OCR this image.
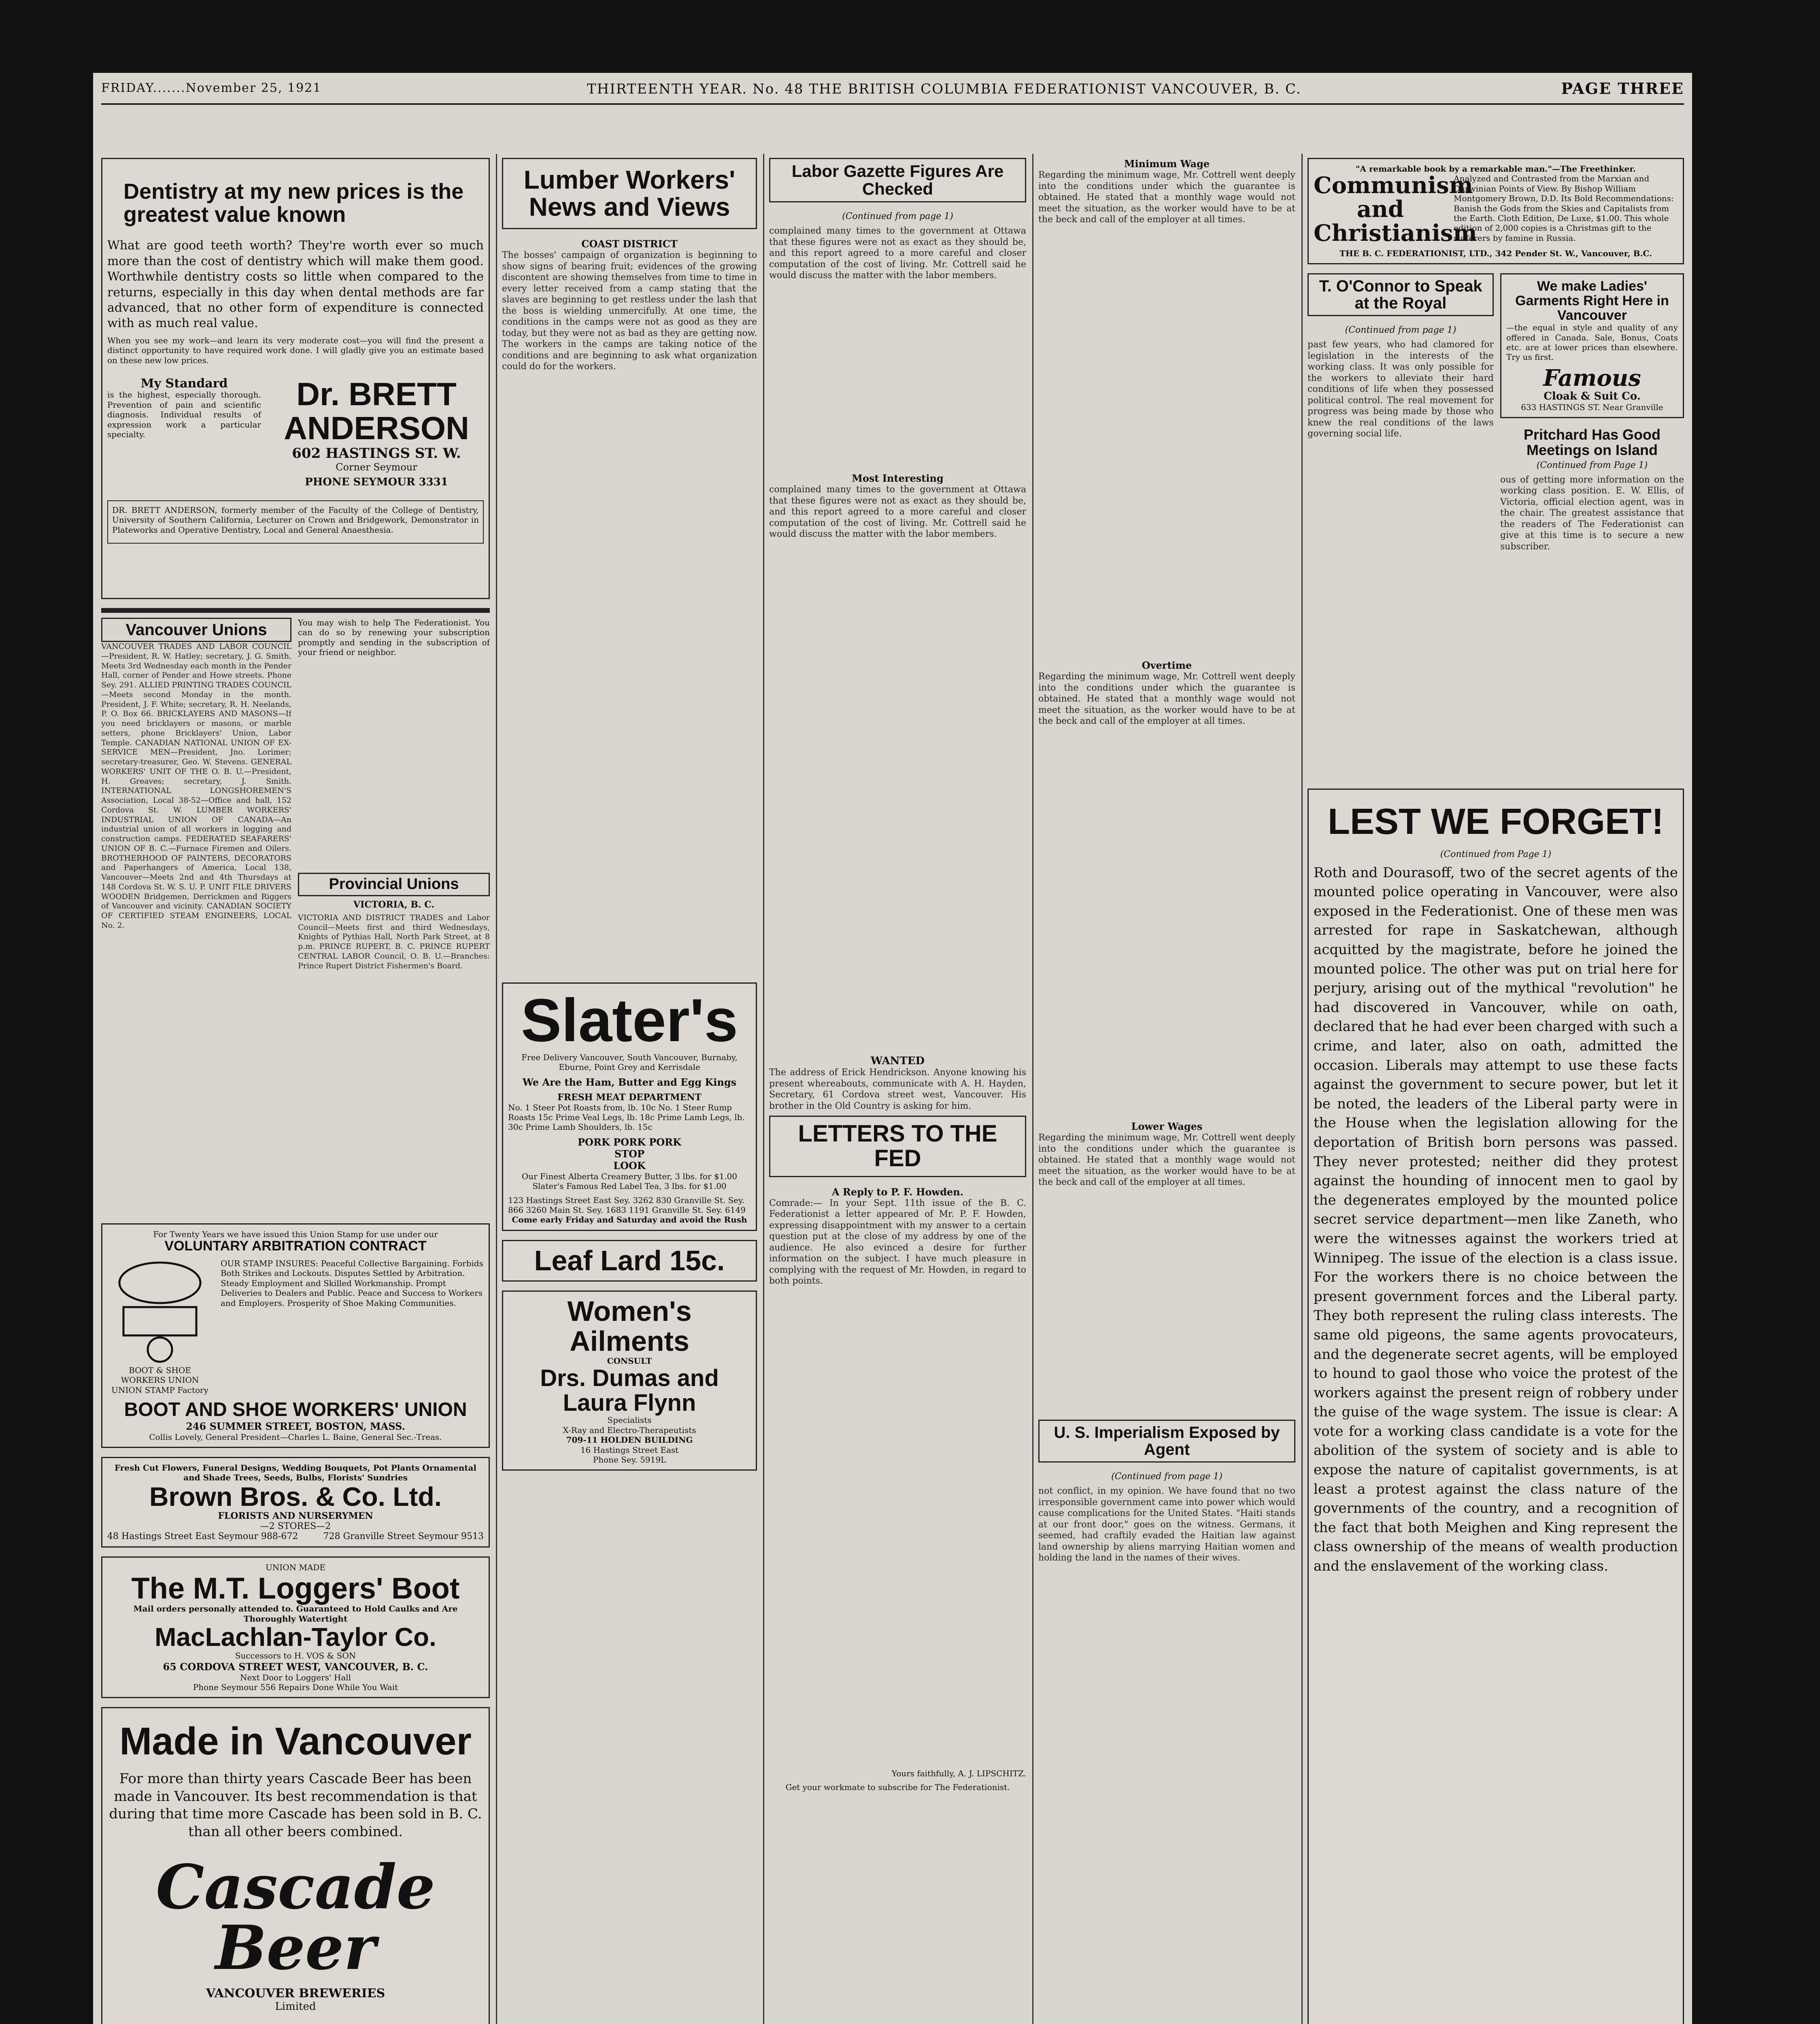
FRIDAY.......November 25, 1921	THIRTEENTH YEAR. No. 48 THE BRITISH COLUMBIA FEDERATIONIST VANCOUVER, B. C.	PAGE THREE
Dentistry at my new prices is the greatest value known

What are good teeth worth? They're worth ever so much more than the cost of dentistry which will make them good. Worthwhile dentistry costs so little when compared to the returns, especially in this day when dental methods are far advanced, that no other form of expenditure is connected with as much real value.

When you see my work—and learn its very moderate cost—you will find the present a distinct opportunity to have required work done. I will gladly give you an estimate based on these new low prices.

My Standard

is the highest, especially thorough. Prevention of pain and scientific diagnosis. Individual results of expression work a particular specialty.

Dr. BRETT ANDERSON
602 HASTINGS ST. W.
Corner Seymour
PHONE SEYMOUR 3331

DR. BRETT ANDERSON, formerly member of the Faculty of the College of Dentistry, University of Southern California, Lecturer on Crown and Bridgework, Demonstrator in Plateworks and Operative Dentistry, Local and General Anaesthesia.

Vancouver Unions
VANCOUVER TRADES AND LABOR COUNCIL—President, R. W. Hatley; secretary, J. G. Smith. Meets 3rd Wednesday each month in the Pender Hall, corner of Pender and Howe streets. Phone Sey. 291. ALLIED PRINTING TRADES COUNCIL—Meets second Monday in the month. President, J. F. White; secretary, R. H. Neelands, P. O. Box 66. BRICKLAYERS AND MASONS—If you need bricklayers or masons, or marble setters, phone Bricklayers' Union, Labor Temple. CANADIAN NATIONAL UNION OF EX-SERVICE MEN—President, Jno. Lorimer; secretary-treasurer, Geo. W. Stevens. GENERAL WORKERS' UNIT OF THE O. B. U.—President, H. Greaves; secretary, J. Smith. INTERNATIONAL LONGSHOREMEN'S Association, Local 38-52—Office and hall, 152 Cordova St. W. LUMBER WORKERS' INDUSTRIAL UNION OF CANADA—An industrial union of all workers in logging and construction camps. FEDERATED SEAFARERS' UNION OF B. C.—Furnace Firemen and Oilers. BROTHERHOOD OF PAINTERS, DECORATORS and Paperhangers of America, Local 138, Vancouver—Meets 2nd and 4th Thursdays at 148 Cordova St. W. S. U. P. UNIT FILE DRIVERS WOODEN Bridgemen, Derrickmen and Riggers of Vancouver and vicinity. CANADIAN SOCIETY OF CERTIFIED STEAM ENGINEERS, LOCAL No. 2.

You may wish to help The Federationist. You can do so by renewing your subscription promptly and sending in the subscription of your friend or neighbor.

Provincial Unions
VICTORIA, B. C.
VICTORIA AND DISTRICT TRADES and Labor Council—Meets first and third Wednesdays, Knights of Pythias Hall, North Park Street, at 8 p.m. PRINCE RUPERT, B. C. PRINCE RUPERT CENTRAL LABOR Council, O. B. U.—Branches: Prince Rupert District Fishermen's Board.
For Twenty Years we have issued this Union Stamp for use under our
VOLUNTARY ARBITRATION CONTRACT
BOOT & SHOE WORKERS UNION
UNION STAMP Factory
OUR STAMP INSURES: Peaceful Collective Bargaining. Forbids Both Strikes and Lockouts. Disputes Settled by Arbitration. Steady Employment and Skilled Workmanship. Prompt Deliveries to Dealers and Public. Peace and Success to Workers and Employers. Prosperity of Shoe Making Communities.
BOOT AND SHOE WORKERS' UNION
246 SUMMER STREET, BOSTON, MASS.
Collis Lovely, General President—Charles L. Baine, General Sec.-Treas.
Fresh Cut Flowers, Funeral Designs, Wedding Bouquets, Pot Plants Ornamental and Shade Trees, Seeds, Bulbs, Florists' Sundries
Brown Bros. & Co. Ltd.
FLORISTS AND NURSERYMEN
—2 STORES—2
48 Hastings Street East Seymour 988-672	728 Granville Street Seymour 9513
UNION MADE
The M.T. Loggers' Boot
Mail orders personally attended to. Guaranteed to Hold Caulks and Are Thoroughly Watertight
MacLachlan-Taylor Co.
Successors to H. VOS & SON
65 CORDOVA STREET WEST, VANCOUVER, B. C.
Next Door to Loggers' Hall
Phone Seymour 556 Repairs Done While You Wait
Made in Vancouver

For more than thirty years Cascade Beer has been made in Vancouver. Its best recommendation is that during that time more Cascade has been sold in B. C. than all other beers combined.

Cascade Beer
VANCOUVER BREWERIES
Limited
Lumber Workers' News and Views
COAST DISTRICT

The bosses' campaign of organization is beginning to show signs of bearing fruit; evidences of the growing discontent are showing themselves from time to time in every letter received from a camp stating that the slaves are beginning to get restless under the lash that the boss is wielding unmercifully. At one time, the conditions in the camps were not as good as they are today, but they were not as bad as they are getting now. The workers in the camps are taking notice of the conditions and are beginning to ask what organization could do for the workers.

Slater's
Free Delivery Vancouver, South Vancouver, Burnaby, Eburne, Point Grey and Kerrisdale
We Are the Ham, Butter and Egg Kings
FRESH MEAT DEPARTMENT
No. 1 Steer Pot Roasts from, lb. 10c No. 1 Steer Rump Roasts 15c Prime Veal Legs, lb. 18c Prime Lamb Legs, lb. 30c Prime Lamb Shoulders, lb. 15c
PORK PORK PORK
STOP
LOOK
Our Finest Alberta Creamery Butter, 3 lbs. for $1.00
Slater's Famous Red Label Tea, 3 lbs. for $1.00
123 Hastings Street East Sey. 3262 830 Granville St. Sey. 866 3260 Main St. Sey. 1683 1191 Granville St. Sey. 6149
Come early Friday and Saturday and avoid the Rush
Leaf Lard 15c.
Women's Ailments
CONSULT
Drs. Dumas and Laura Flynn
Specialists
X-Ray and Electro-Therapeutists
709-11 HOLDEN BUILDING
16 Hastings Street East
Phone Sey. 5919L
Labor Gazette Figures Are Checked
(Continued from page 1)

complained many times to the government at Ottawa that these figures were not as exact as they should be, and this report agreed to a more careful and closer computation of the cost of living. Mr. Cottrell said he would discuss the matter with the labor members.

Most Interesting

complained many times to the government at Ottawa that these figures were not as exact as they should be, and this report agreed to a more careful and closer computation of the cost of living. Mr. Cottrell said he would discuss the matter with the labor members.

WANTED

The address of Erick Hendrickson. Anyone knowing his present whereabouts, communicate with A. H. Hayden, Secretary, 61 Cordova street west, Vancouver. His brother in the Old Country is asking for him.

LETTERS TO THE FED
A Reply to P. F. Howden.

Comrade:— In your Sept. 11th issue of the B. C. Federationist a letter appeared of Mr. P. F. Howden, expressing disappointment with my answer to a certain question put at the close of my address by one of the audience. He also evinced a desire for further information on the subject. I have much pleasure in complying with the request of Mr. Howden, in regard to both points.

Yours faithfully, A. J. LIPSCHITZ.
Get your workmate to subscribe for The Federationist.
Minimum Wage

Regarding the minimum wage, Mr. Cottrell went deeply into the conditions under which the guarantee is obtained. He stated that a monthly wage would not meet the situation, as the worker would have to be at the beck and call of the employer at all times.

Overtime

Regarding the minimum wage, Mr. Cottrell went deeply into the conditions under which the guarantee is obtained. He stated that a monthly wage would not meet the situation, as the worker would have to be at the beck and call of the employer at all times.

Lower Wages

Regarding the minimum wage, Mr. Cottrell went deeply into the conditions under which the guarantee is obtained. He stated that a monthly wage would not meet the situation, as the worker would have to be at the beck and call of the employer at all times.

U. S. Imperialism Exposed by Agent
(Continued from page 1)

not conflict, in my opinion. We have found that no two irresponsible government came into power which would cause complications for the United States. "Haiti stands at our front door," goes on the witness. Germans, it seemed, had craftily evaded the Haitian law against land ownership by aliens marrying Haitian women and holding the land in the names of their wives.

"A remarkable book by a remarkable man."—The Freethinker.
Communism and Christianism
Analyzed and Contrasted from the Marxian and Darwinian Points of View. By Bishop William Montgomery Brown, D.D. Its Bold Recommendations: Banish the Gods from the Skies and Capitalists from the Earth. Cloth Edition, De Luxe, $1.00. This whole edition of 2,000 copies is a Christmas gift to the sufferers by famine in Russia.
THE B. C. FEDERATIONIST, LTD., 342 Pender St. W., Vancouver, B.C.
T. O'Connor to Speak at the Royal
(Continued from page 1)

past few years, who had clamored for legislation in the interests of the working class. It was only possible for the workers to alleviate their hard conditions of life when they possessed political control. The real movement for progress was being made by those who knew the real conditions of the laws governing social life.

We make Ladies' Garments Right Here in Vancouver

—the equal in style and quality of any offered in Canada. Sale, Bonus, Coats etc. are at lower prices than elsewhere. Try us first.

Famous
Cloak & Suit Co.
633 HASTINGS ST. Near Granville
Pritchard Has Good Meetings on Island
(Continued from Page 1)

ous of getting more information on the working class position. E. W. Ellis, of Victoria, official election agent, was in the chair. The greatest assistance that the readers of The Federationist can give at this time is to secure a new subscriber.

LEST WE FORGET!
(Continued from Page 1)

Roth and Dourasoff, two of the secret agents of the mounted police operating in Vancouver, were also exposed in the Federationist. One of these men was arrested for rape in Saskatchewan, although acquitted by the magistrate, before he joined the mounted police. The other was put on trial here for perjury, arising out of the mythical "revolution" he had discovered in Vancouver, while on oath, declared that he had ever been charged with such a crime, and later, also on oath, admitted the occasion. Liberals may attempt to use these facts against the government to secure power, but let it be noted, the leaders of the Liberal party were in the House when the legislation allowing for the deportation of British born persons was passed. They never protested; neither did they protest against the hounding of innocent men to gaol by the degenerates employed by the mounted police secret service department—men like Zaneth, who were the witnesses against the workers tried at Winnipeg. The issue of the election is a class issue. For the workers there is no choice between the present government forces and the Liberal party. They both represent the ruling class interests. The same old pigeons, the same agents provocateurs, and the degenerate secret agents, will be employed to hound to gaol those who voice the protest of the workers against the present reign of robbery under the guise of the wage system. The issue is clear: A vote for a working class candidate is a vote for the abolition of the system of society and is able to expose the nature of capitalist governments, is at least a protest against the class nature of the governments of the country, and a recognition of the fact that both Meighen and King represent the class ownership of the means of wealth production and the enslavement of the working class.
